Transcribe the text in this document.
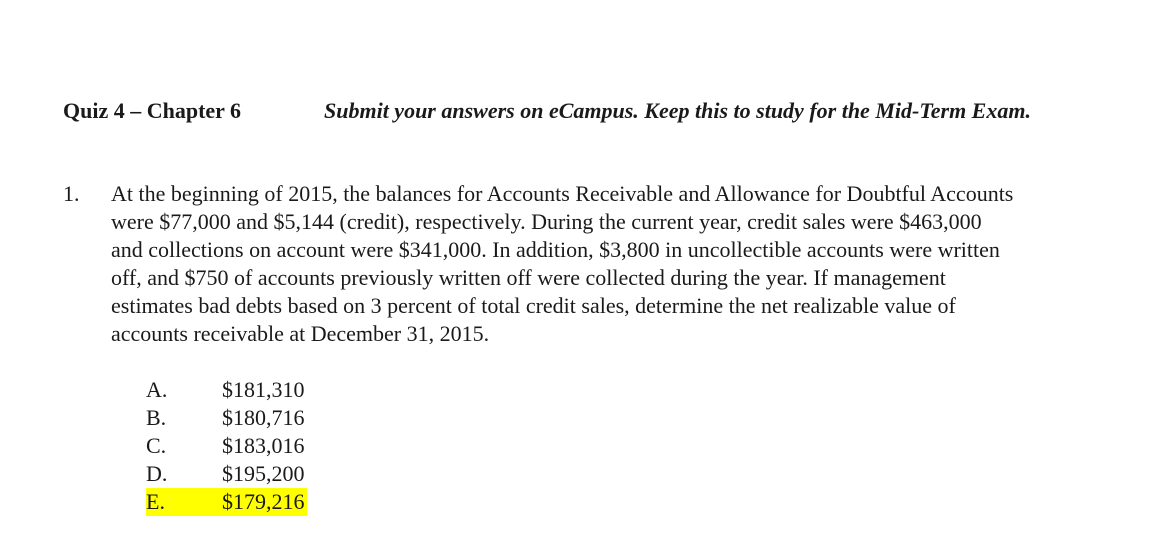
Quiz 4 – Chapter 6	Submit your answers on eCampus. Keep this to study for the Mid-Term Exam.
1. At the beginning of 2015, the balances for Accounts Receivable and Allowance for Doubtful Accounts
were $77,000 and $5,144 (credit), respectively. During the current year, credit sales were $463,000
and collections on account were $341,000. In addition, $3,800 in uncollectible accounts were written
off, and $750 of accounts previously written off were collected during the year. If management
estimates bad debts based on 3 percent of total credit sales, determine the net realizable value of
accounts receivable at December 31, 2015.
A.	$181,310
B.	$180,716
C.	$183,016
D.	$195,200
E.	$179,216
